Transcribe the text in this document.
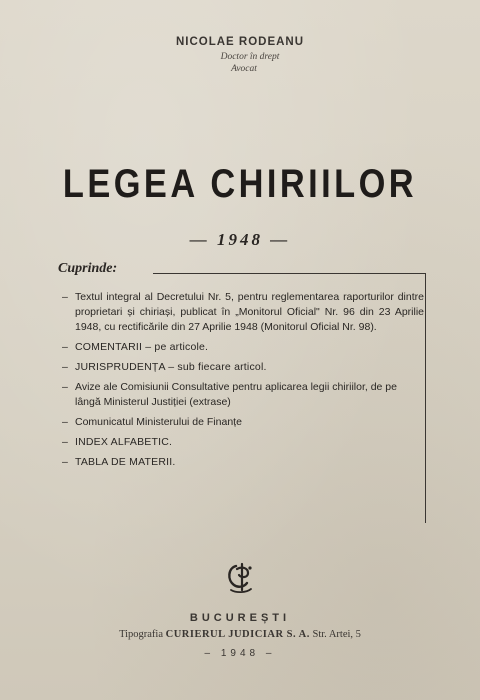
NICOLAE RODEANU
Doctor în drept
Avocat
LEGEA CHIRIILOR
— 1948 —
Cuprinde:
– Textul integral al Decretului Nr. 5, pentru reglementarea raporturilor dintre proprietari și chiriași, publicat în „Monitorul Oficial" Nr. 96 din 23 Aprilie 1948, cu rectificările din 27 Aprilie 1948 (Monitorul Oficial Nr. 98).
– COMENTARII – pe articole.
– JURISPRUDENȚA – sub fiecare articol.
– Avize ale Comisiunii Consultative pentru aplicarea legii chiriilor, de pe lângă Ministerul Justiției (extrase)
– Comunicatul Ministerului de Finanțe
– INDEX ALFABETIC.
– TABLA DE MATERII.
BUCUREȘTI
Tipografia CURIERUL JUDICIAR S. A. Str. Artei, 5
– 1948 –
